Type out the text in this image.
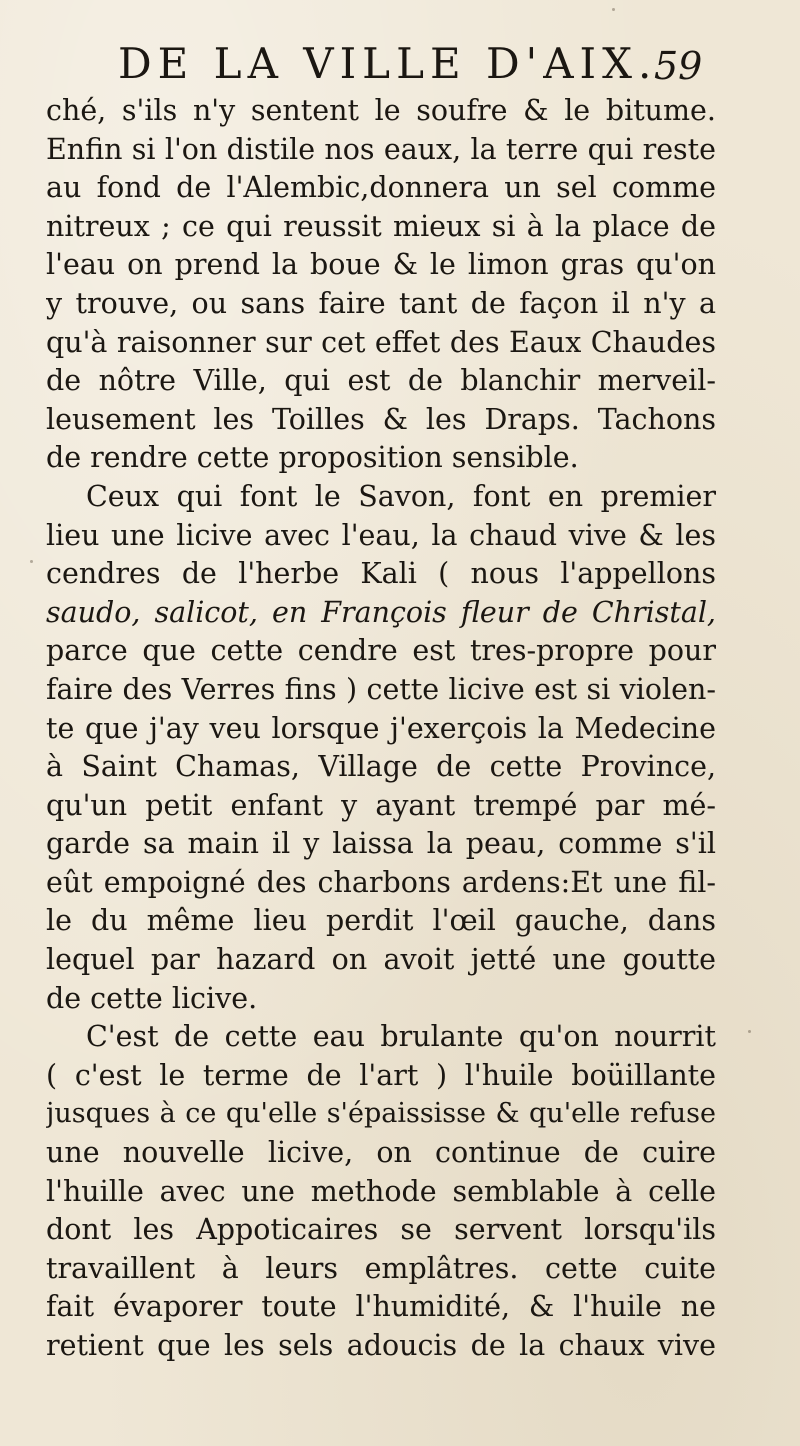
DE LA VILLE D'AIX.
59
ché, s'ils n'y sentent le soufre & le bitume.
Enfin si l'on distile nos eaux, la terre qui reste
au fond de l'Alembic,donnera un sel comme
nitreux ; ce qui reussit mieux si à la place de
l'eau on prend la boue & le limon gras qu'on
y trouve, ou sans faire tant de façon il n'y a
qu'à raisonner sur cet effet des Eaux Chaudes
de nôtre Ville, qui est de blanchir merveil-
leusement les Toilles & les Draps. Tachons
de rendre cette proposition sensible.
Ceux qui font le Savon, font en premier
lieu une licive avec l'eau, la chaud vive & les
cendres de l'herbe Kali ( nous l'appellons
saudo, salicot, en François fleur de Christal,
parce que cette cendre est tres-propre pour
faire des Verres fins ) cette licive est si violen-
te que j'ay veu lorsque j'exerçois la Medecine
à Saint Chamas, Village de cette Province,
qu'un petit enfant y ayant trempé par mé-
garde sa main il y laissa la peau, comme s'il
eût empoigné des charbons ardens:Et une fil-
le du même lieu perdit l'œil gauche, dans
lequel par hazard on avoit jetté une goutte
de cette licive.
C'est de cette eau brulante qu'on nourrit
( c'est le terme de l'art ) l'huile boüillante
jusques à ce qu'elle s'épaississe & qu'elle refuse
une nouvelle licive, on continue de cuire
l'huille avec une methode semblable à celle
dont les Appoticaires se servent lorsqu'ils
travaillent à leurs emplâtres. cette cuite
fait évaporer toute l'humidité, & l'huile ne
retient que les sels adoucis de la chaux vive
